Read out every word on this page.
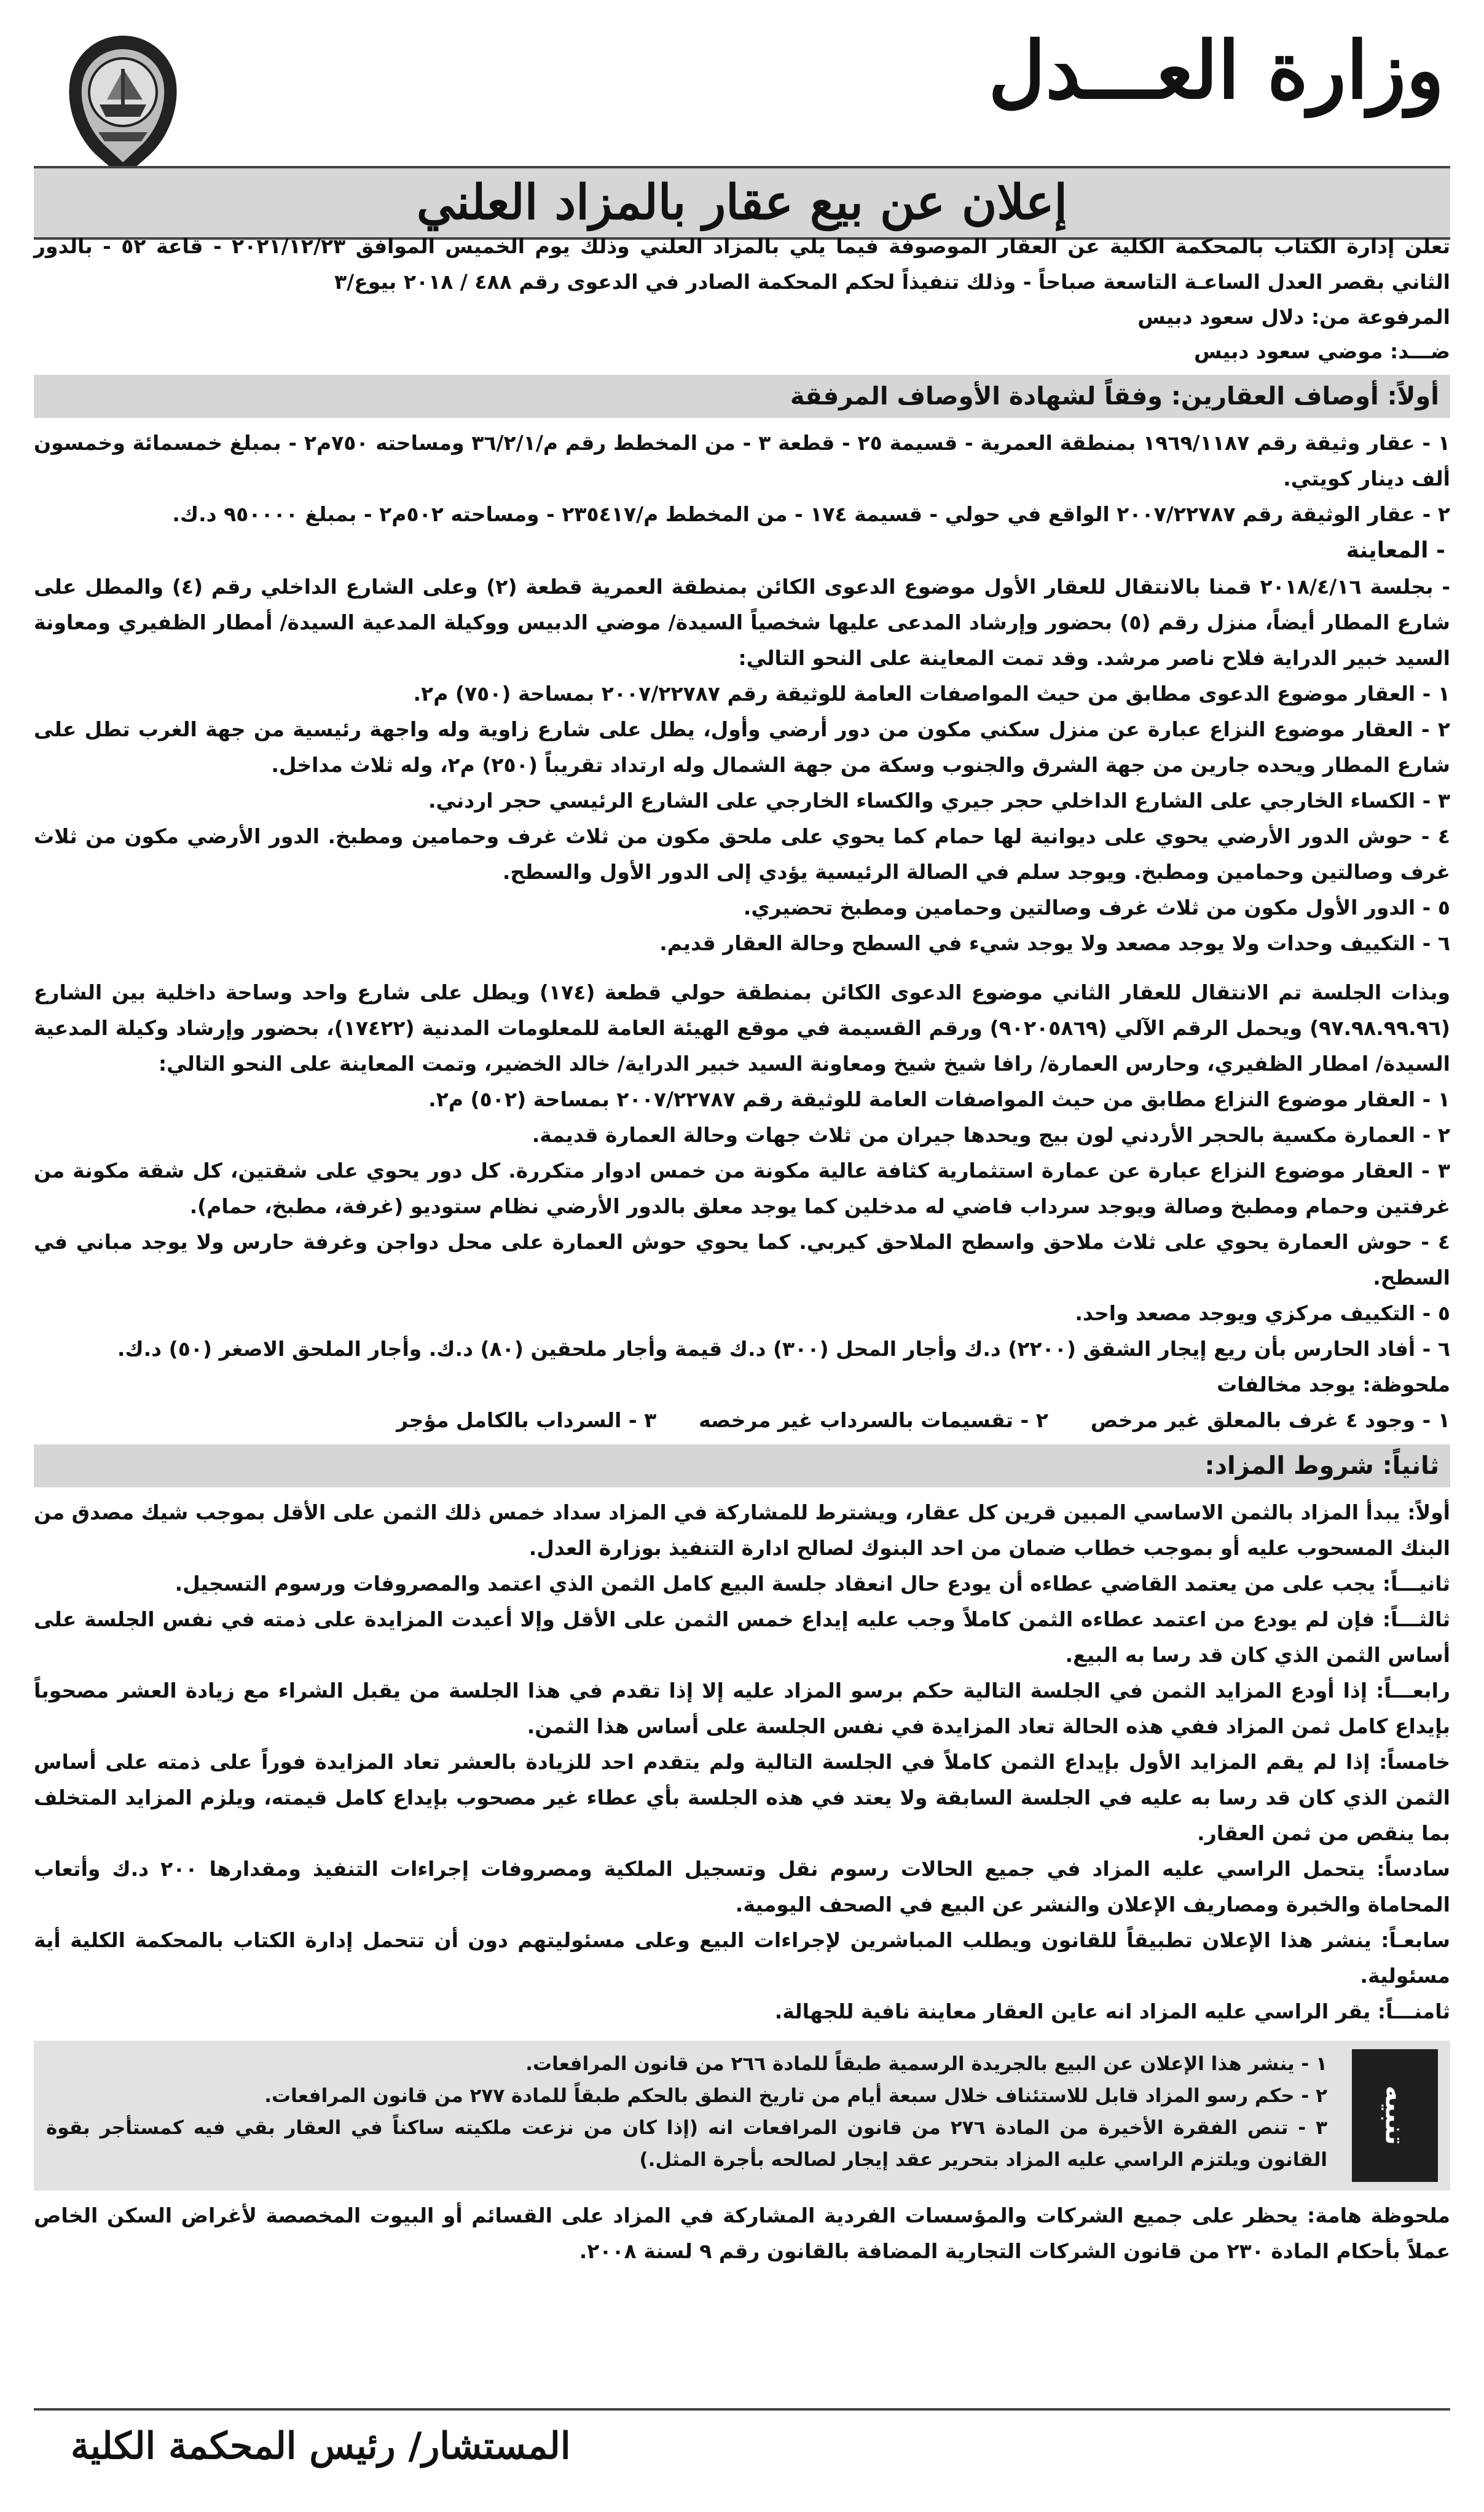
وزارة العـــدل
إعلان عن بيع عقار بالمزاد العلني

تعلن إدارة الكتاب بالمحكمة الكلية عن العقار الموصوفة فيما يلي بالمزاد العلني وذلك يوم الخميس الموافق ٢٠٢١/١٢/٢٣ - قاعة ٥٢ - بالدور الثاني بقصر العدل الساعـة التاسعة صباحاً - وذلك تنفيذاً لحكم المحكمة الصادر في الدعوى رقم ٤٨٨ / ٢٠١٨ بيوع/٣

المرفوعة من: دلال سعود دبيس
ضـــد: موضي سعود دبيس
أولاً: أوصاف العقارين: وفقاً لشهادة الأوصاف المرفقة

١ - عقار وثيقة رقم ١٩٦٩/١١٨٧ بمنطقة العمرية - قسيمة ٢٥ - قطعة ٣ - من المخطط رقم م/٣٦/٢/١ ومساحته ٧٥٠م٢ - بمبلغ خمسمائة وخمسون ألف دينار كويتي.

٢ - عقار الوثيقة رقم ٢٠٠٧/٢٢٧٨٧ الواقع في حولي - قسيمة ١٧٤ - من المخطط م/٢٣٥٤١٧ - ومساحته ٥٠٢م٢ - بمبلغ ٩٥٠٠٠٠ د.ك.

- المعاينة

- بجلسة ٢٠١٨/٤/١٦ قمنا بالانتقال للعقار الأول موضوع الدعوى الكائن بمنطقة العمرية قطعة (٢) وعلى الشارع الداخلي رقم (٤) والمطل على شارع المطار أيضاً، منزل رقم (٥) بحضور وإرشاد المدعى عليها شخصياً السيدة/ موضي الدبيس ووكيلة المدعية السيدة/ أمطار الظفيري ومعاونة السيد خبير الدراية فلاح ناصر مرشد. وقد تمت المعاينة على النحو التالي:

١ - العقار موضوع الدعوى مطابق من حيث المواصفات العامة للوثيقة رقم ٢٠٠٧/٢٢٧٨٧ بمساحة (٧٥٠) م٢.

٢ - العقار موضوع النزاع عبارة عن منزل سكني مكون من دور أرضي وأول، يطل على شارع زاوية وله واجهة رئيسية من جهة الغرب تطل على شارع المطار ويحده جارين من جهة الشرق والجنوب وسكة من جهة الشمال وله ارتداد تقريباً (٢٥٠) م٢، وله ثلاث مداخل.

٣ - الكساء الخارجي على الشارع الداخلي حجر جيري والكساء الخارجي على الشارع الرئيسي حجر اردني.

٤ - حوش الدور الأرضي يحوي على ديوانية لها حمام كما يحوي على ملحق مكون من ثلاث غرف وحمامين ومطبخ. الدور الأرضي مكون من ثلاث غرف وصالتين وحمامين ومطبخ. ويوجد سلم في الصالة الرئيسية يؤدي إلى الدور الأول والسطح.

٥ - الدور الأول مكون من ثلاث غرف وصالتين وحمامين ومطبخ تحضيري.

٦ - التكييف وحدات ولا يوجد مصعد ولا يوجد شيء في السطح وحالة العقار قديم.

وبذات الجلسة تم الانتقال للعقار الثاني موضوع الدعوى الكائن بمنطقة حولي قطعة (١٧٤) ويطل على شارع واحد وساحة داخلية بين الشارع (٩٧.٩٨.٩٩.٩٦) ويحمل الرقم الآلي (٩٠٢٠٥٨٦٩) ورقم القسيمة في موقع الهيئة العامة للمعلومات المدنية (١٧٤٢٢)، بحضور وإرشاد وكيلة المدعية السيدة/ امطار الظفيري، وحارس العمارة/ رافا شيخ شيخ ومعاونة السيد خبير الدراية/ خالد الخضير، وتمت المعاينة على النحو التالي:

١ - العقار موضوع النزاع مطابق من حيث المواصفات العامة للوثيقة رقم ٢٠٠٧/٢٢٧٨٧ بمساحة (٥٠٢) م٢.

٢ - العمارة مكسية بالحجر الأردني لون بيج ويحدها جيران من ثلاث جهات وحالة العمارة قديمة.

٣ - العقار موضوع النزاع عبارة عن عمارة استثمارية كثافة عالية مكونة من خمس ادوار متكررة. كل دور يحوي على شقتين، كل شقة مكونة من غرفتين وحمام ومطبخ وصالة ويوجد سرداب فاضي له مدخلين كما يوجد معلق بالدور الأرضي نظام ستوديو (غرفة، مطبخ، حمام).

٤ - حوش العمارة يحوي على ثلاث ملاحق واسطح الملاحق كيربي. كما يحوي حوش العمارة على محل دواجن وغرفة حارس ولا يوجد مباني في السطح.

٥ - التكييف مركزي ويوجد مصعد واحد.

٦ - أفاد الحارس بأن ريع إيجار الشقق (٢٢٠٠) د.ك وأجار المحل (٣٠٠) د.ك قيمة وأجار ملحقين (٨٠) د.ك. وأجار الملحق الاصغر (٥٠) د.ك.

ملحوظة: يوجد مخالفات
١ - وجود ٤ غرف بالمعلق غير مرخص      ٢ - تقسيمات بالسرداب غير مرخصه      ٣ - السرداب بالكامل مؤجر
ثانياً: شروط المزاد:

أولاً: يبدأ المزاد بالثمن الاساسي المبين قرين كل عقار، ويشترط للمشاركة في المزاد سداد خمس ذلك الثمن على الأقل بموجب شيك مصدق من البنك المسحوب عليه أو بموجب خطاب ضمان من احد البنوك لصالح ادارة التنفيذ بوزارة العدل.

ثانيـــاً: يجب على من يعتمد القاضي عطاءه أن يودع حال انعقاد جلسة البيع كامل الثمن الذي اعتمد والمصروفات ورسوم التسجيل.

ثالثـــاً: فإن لم يودع من اعتمد عطاءه الثمن كاملاً وجب عليه إيداع خمس الثمن على الأقل وإلا أعيدت المزايدة على ذمته في نفس الجلسة على أساس الثمن الذي كان قد رسا به البيع.

رابعـــاً: إذا أودع المزايد الثمن في الجلسة التالية حكم برسو المزاد عليه إلا إذا تقدم في هذا الجلسة من يقبل الشراء مع زيادة العشر مصحوباً بإيداع كامل ثمن المزاد ففي هذه الحالة تعاد المزايدة في نفس الجلسة على أساس هذا الثمن.

خامساً: إذا لم يقم المزايد الأول بإيداع الثمن كاملاً في الجلسة التالية ولم يتقدم احد للزيادة بالعشر تعاد المزايدة فوراً على ذمته على أساس الثمن الذي كان قد رسا به عليه في الجلسة السابقة ولا يعتد في هذه الجلسة بأي عطاء غير مصحوب بإيداع كامل قيمته، ويلزم المزايد المتخلف بما ينقص من ثمن العقار.

سادساً: يتحمل الراسي عليه المزاد في جميع الحالات رسوم نقل وتسجيل الملكية ومصروفات إجراءات التنفيذ ومقدارها ٢٠٠ د.ك وأتعاب المحاماة والخبرة ومصاريف الإعلان والنشر عن البيع في الصحف اليومية.

سابعـاً: ينشر هذا الإعلان تطبيقاً للقانون ويطلب المباشرين لإجراءات البيع وعلى مسئوليتهم دون أن تتحمل إدارة الكتاب بالمحكمة الكلية أية مسئولية.

ثامنـــاً: يقر الراسي عليه المزاد انه عاين العقار معاينة نافية للجهالة.

تنبيه

١ - ينشر هذا الإعلان عن البيع بالجريدة الرسمية طبقاً للمادة ٢٦٦ من قانون المرافعات.

٢ - حكم رسو المزاد قابل للاستئناف خلال سبعة أيام من تاريخ النطق بالحكم طبقاً للمادة ٢٧٧ من قانون المرافعات.

٣ - تنص الفقرة الأخيرة من المادة ٢٧٦ من قانون المرافعات انه (إذا كان من نزعت ملكيته ساكناً في العقار بقي فيه كمستأجر بقوة القانون ويلتزم الراسي عليه المزاد بتحرير عقد إيجار لصالحه بأجرة المثل.)

ملحوظة هامة: يحظر على جميع الشركات والمؤسسات الفردية المشاركة في المزاد على القسائم أو البيوت المخصصة لأغراض السكن الخاص عملاً بأحكام المادة ٢٣٠ من قانون الشركات التجارية المضافة بالقانون رقم ٩ لسنة ٢٠٠٨.

المستشار/ رئيس المحكمة الكلية
